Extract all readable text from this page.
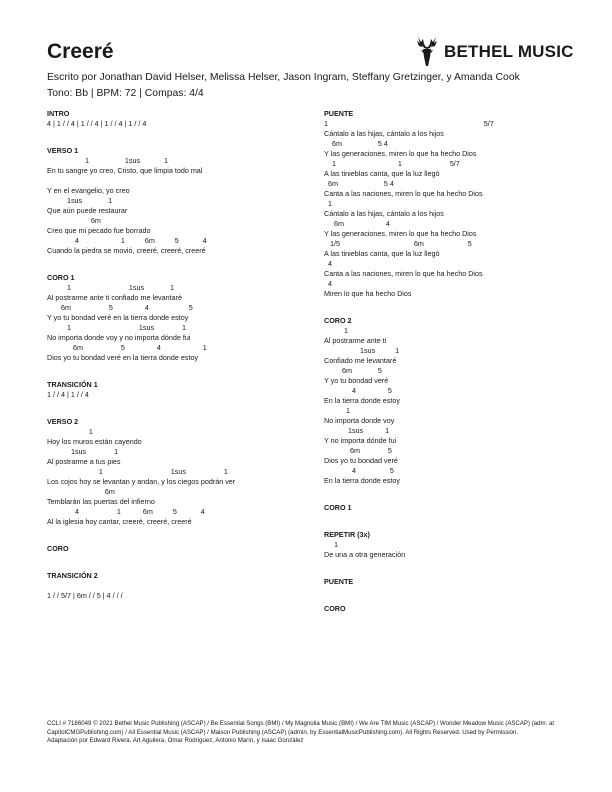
Creeré	BETHEL MUSIC
Escrito por Jonathan David Helser, Melissa Helser, Jason Ingram, Steffany Gretzinger, y Amanda Cook
Tono: Bb | BPM: 72 | Compas: 4/4

INTRO

4 | 1 / / 4 | 1 / / 4 | 1 / / 4 | 1 / / 4

VERSO 1

1                  1sus            1

En tu sangre yo creo, Cristo, que limpia todo mal

Y en el evangelio, yo creo

1sus             1

Que aún puede restaurar

6m

Creo que mi pecado fue borrado

4                     1          6m          5            4

Cuando la piedra se movió, creeré, creeré, creeré

CORO 1

1                             1sus             1

Al postrarme ante ti confiado me levantaré

6m                   5                4                    5

Y yo tu bondad veré en la tierra donde estoy

1                                  1sus              1

No importa donde voy y no importa dónde fui

6m                   5                4                     1

Dios yo tu bondad veré en la tierra donde estoy

TRANSICIÓN 1

1 / / 4 | 1 / / 4

VERSO 2

1

Hoy los muros están cayendo

1sus              1

Al postrarme a tus pies

1                                  1sus                   1

Los cojos hoy se levantan y andan, y los ciegos podrán ver

6m

Temblarán las puertas del infierno

4                   1           6m          5            4

Al la iglesia hoy cantar, creeré, creeré, creeré

CORO

TRANSICIÓN 2

1 / / 5/7 | 6m / / 5 | 4 / / /

PUENTE

1                                                                              5/7

Cántalo a las hijas, cántalo a los hijos

6m                  5 4

Y las generaciones, miren lo que ha hecho Dios

1                               1                        5/7

A las tinieblas canta, que la luz llegó

6m                       5 4

Canta a las naciones, miren lo que ha hecho Dios

1

Cántalo a las hijas, cántalo a los hijos

6m                     4

Y las generaciones, miren lo que ha hecho Dios

1/5                                     6m                      5

A las tinieblas canta, que la luz llegó

4

Canta a las naciones, miren lo que ha hecho Dios

4

Miren lo que ha hecho Dios

CORO 2

1

Al postrarme ante ti

1sus          1

Confiado me levantaré

6m             5

Y yo tu bondad veré

4                5

En la tierra donde estoy

1

No importa donde voy

1sus           1

Y no importa dónde fui

6m              5

Dios yo tu bondad veré

4                 5

En la tierra donde estoy

CORO 1

REPETIR (3x)

1

De una a otra generación

PUENTE

CORO

CCLI # 7186049 © 2021 Bethel Music Publishing (ASCAP) / Be Essential Songs (BMI) / My Magnolia Music (BMI) / We Are TIM Music (ASCAP) / Wonder Meadow Music (ASCAP) (adm. at CapitolCMGPublishing.com) / All Essential Music (ASCAP) / Maison Publishing (ASCAP) (admin. by EssentialMusicPublishing.com). All Rights Reserved. Used by Permission.

Adaptación por Edward Rivera, Art Aguilera, Omar Rodriguez, Antonio Marín, y Isaac González
